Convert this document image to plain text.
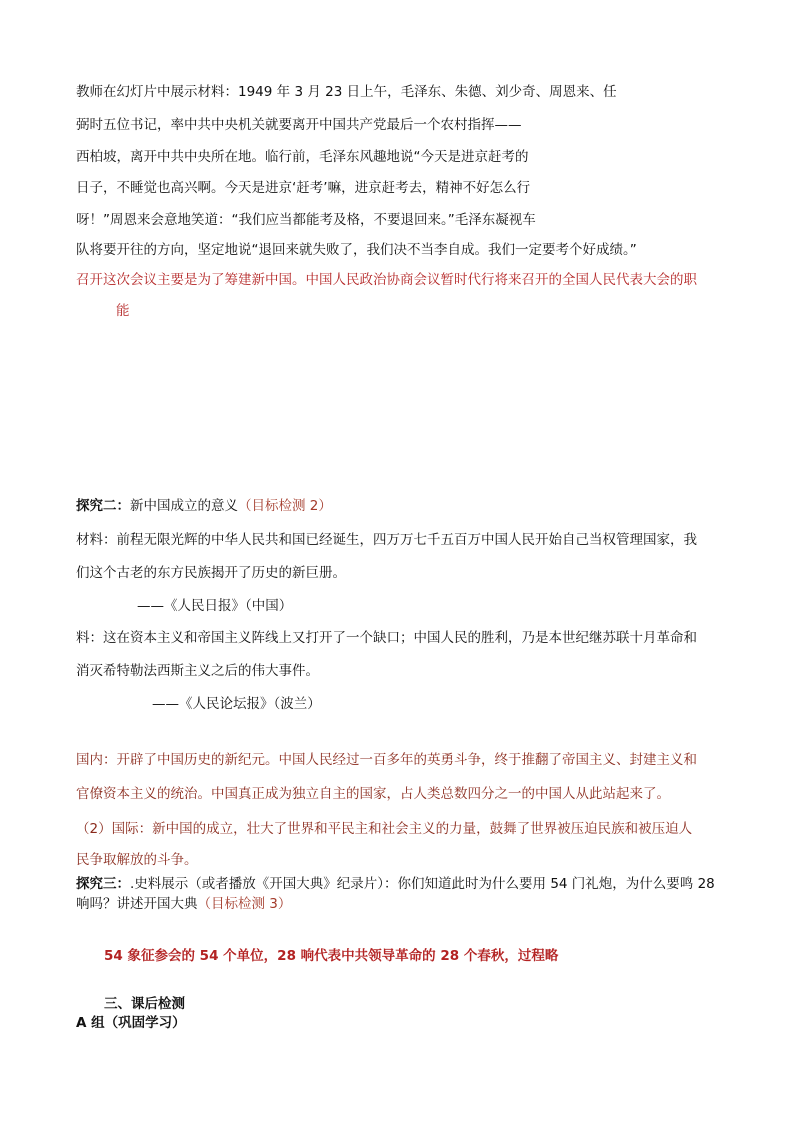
教师在幻灯片中展示材料：1949 年 3 月 23 日上午，毛泽东、朱德、刘少奇、周恩来、任
弼时五位书记，率中共中央机关就要离开中国共产党最后一个农村指挥——
西柏坡，离开中共中央所在地。临行前，毛泽东风趣地说“今天是进京赶考的
日子，不睡觉也高兴啊。今天是进京‘赶考’嘛，进京赶考去，精神不好怎么行
呀！”周恩来会意地笑道：“我们应当都能考及格，不要退回来。”毛泽东凝视车
队将要开往的方向，坚定地说“退回来就失败了，我们决不当李自成。我们一定要考个好成绩。”
召开这次会议主要是为了筹建新中国。中国人民政治协商会议暂时代行将来召开的全国人民代表大会的职
能
探究二：新中国成立的意义（目标检测 2）
材料：前程无限光辉的中华人民共和国已经诞生，四万万七千五百万中国人民开始自己当权管理国家，我
们这个古老的东方民族揭开了历史的新巨册。
——《人民日报》（中国）
料：这在资本主义和帝国主义阵线上又打开了一个缺口；中国人民的胜利，乃是本世纪继苏联十月革命和
消灭希特勒法西斯主义之后的伟大事件。
——《人民论坛报》（波兰）
国内：开辟了中国历史的新纪元。中国人民经过一百多年的英勇斗争，终于推翻了帝国主义、封建主义和
官僚资本主义的统治。中国真正成为独立自主的国家，占人类总数四分之一的中国人从此站起来了。
（2）国际：新中国的成立，壮大了世界和平民主和社会主义的力量，鼓舞了世界被压迫民族和被压迫人
民争取解放的斗争。
探究三：.史料展示（或者播放《开国大典》纪录片）：你们知道此时为什么要用 54 门礼炮，为什么要鸣 28
响吗？讲述开国大典（目标检测 3）
54 象征参会的 54 个单位，28 响代表中共领导革命的 28 个春秋，过程略
三、课后检测
A 组（巩固学习）
